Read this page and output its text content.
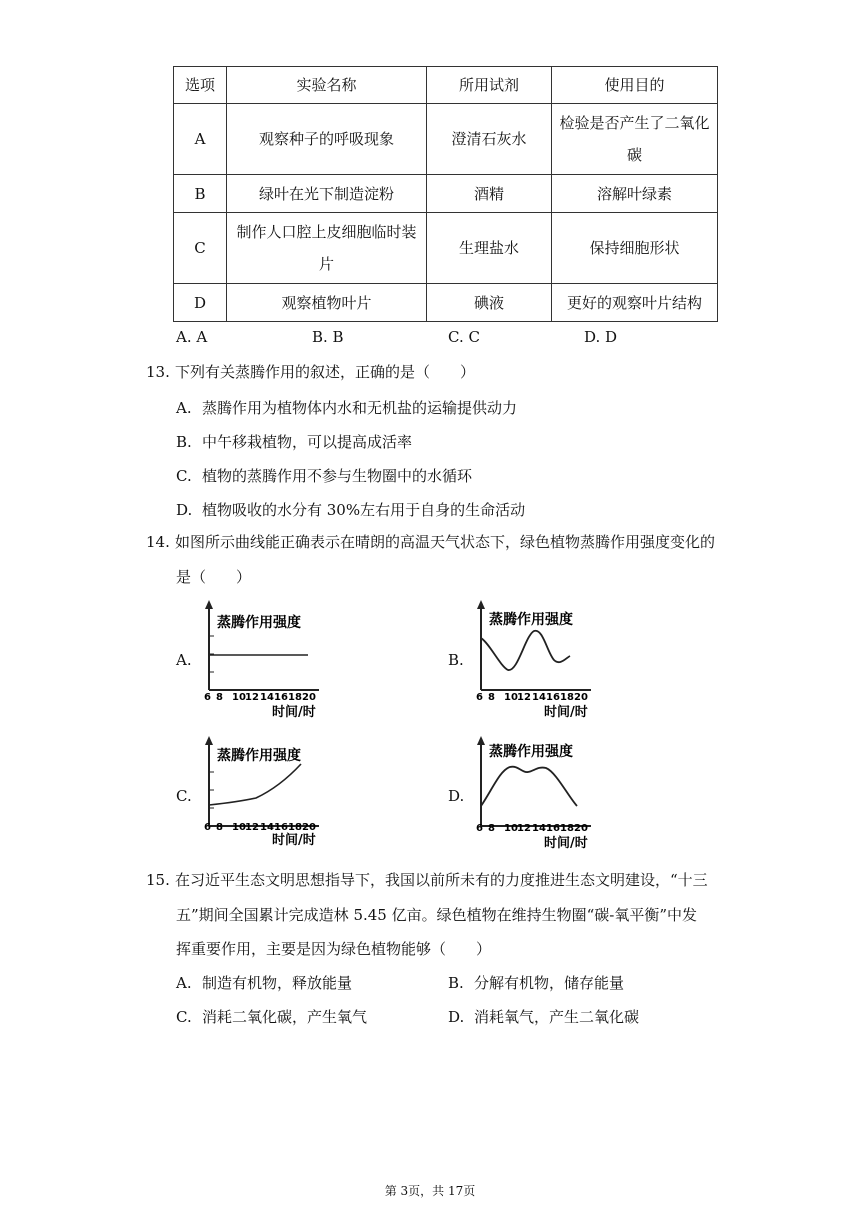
选项	实验名称	所用试剂	使用目的
A	观察种子的呼吸现象	澄清石灰水	检验是否产生了二氧化
碳
B	绿叶在光下制造淀粉	酒精	溶解叶绿素
C	制作人口腔上皮细胞临时装
片	生理盐水	保持细胞形状
D	观察植物叶片	碘液	更好的观察叶片结构
A. A	B. B	C. C	D. D
13. 下列有关蒸腾作用的叙述，正确的是（　　）
A. 蒸腾作用为植物体内水和无机盐的运输提供动力
B. 中午移栽植物，可以提高成活率
C. 植物的蒸腾作用不参与生物圈中的水循环
D. 植物吸收的水分有 30%左右用于自身的生命活动
14. 如图所示曲线能正确表示在晴朗的高温天气状态下，绿色植物蒸腾作用强度变化的
是（　　）
A.
蒸腾作用强度
6 8 10 12 14 16 18 20
时间/时
B.
蒸腾作用强度
6 8 10 12 14 16 18 20
时间/时
C.
蒸腾作用强度
6 8 10 12 14 16 18 20
时间/时
D.
蒸腾作用强度
6 8 10 12 14 16 18 20
时间/时
15. 在习近平生态文明思想指导下，我国以前所未有的力度推进生态文明建设，“十三
五”期间全国累计完成造林 5.45 亿亩。绿色植物在维持生物圈“碳-氧平衡”中发
挥重要作用，主要是因为绿色植物能够（　　）
A. 制造有机物，释放能量	B. 分解有机物，储存能量
C. 消耗二氧化碳，产生氧气	D. 消耗氧气，产生二氧化碳
第 3页，共 17页
